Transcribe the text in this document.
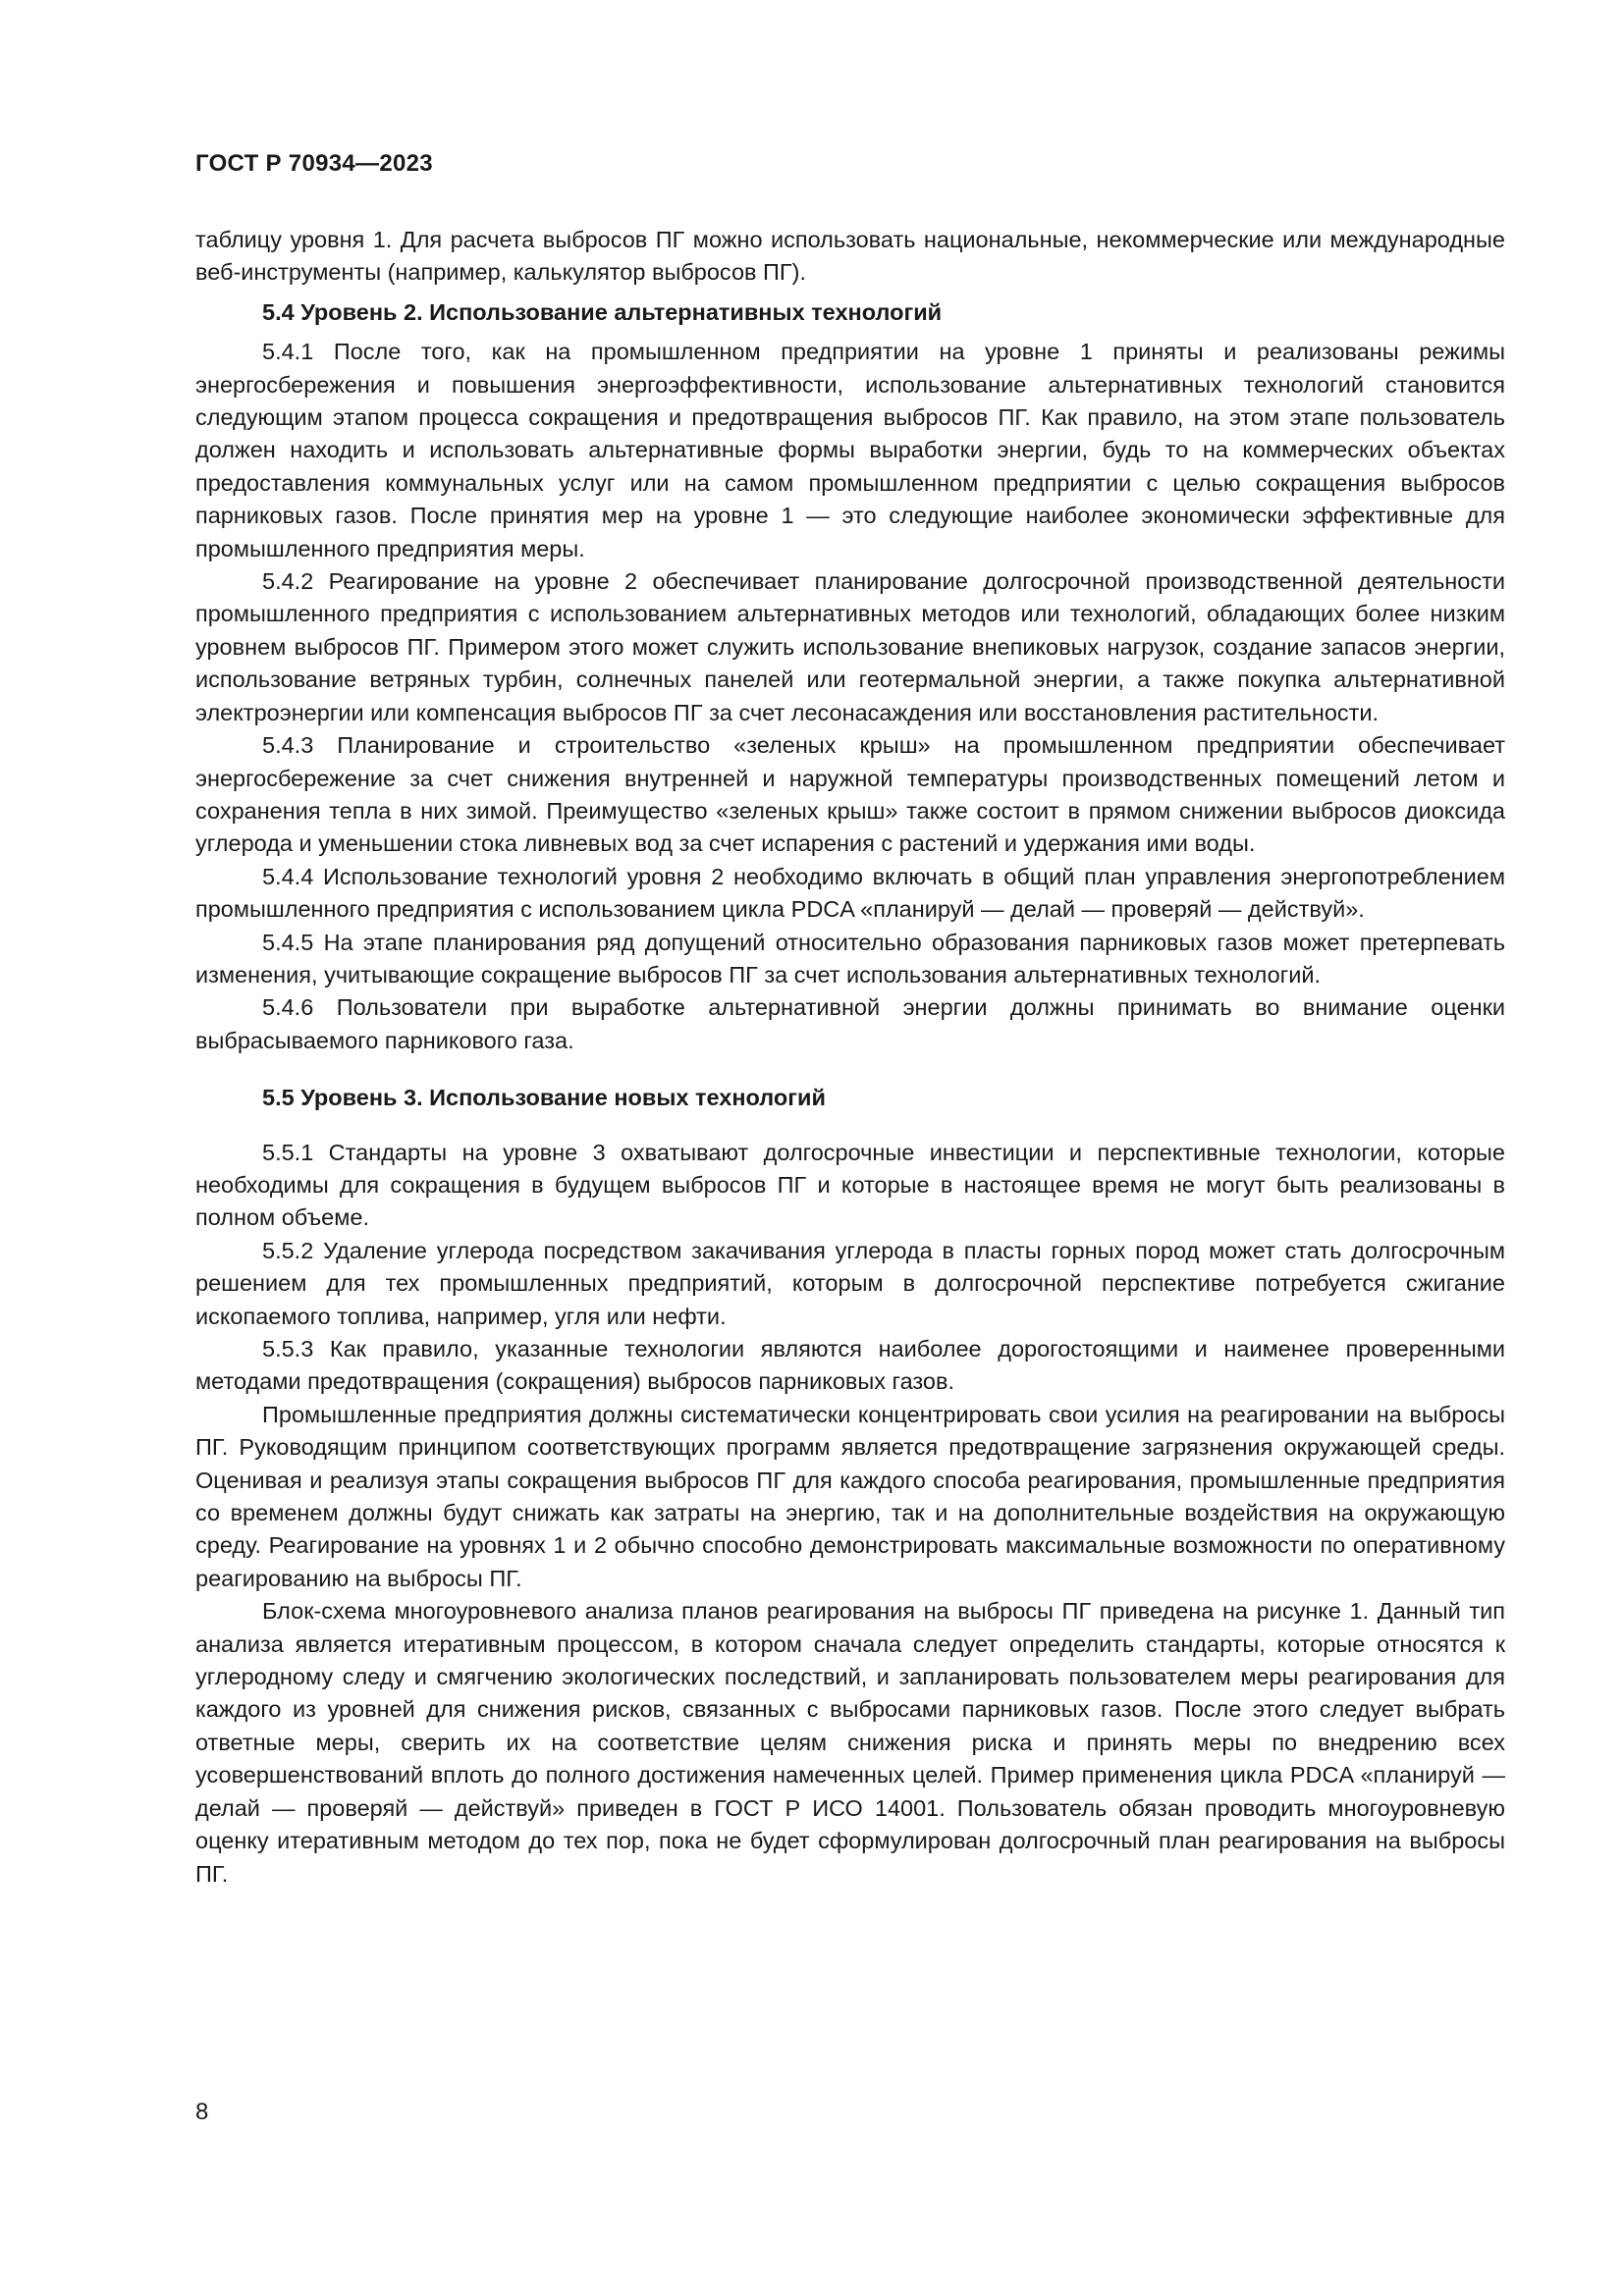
ГОСТ Р 70934—2023

таблицу уровня 1. Для расчета выбросов ПГ можно использовать национальные, некоммерческие или международные веб-инструменты (например, калькулятор выбросов ПГ).

5.4 Уровень 2. Использование альтернативных технологий

5.4.1 После того, как на промышленном предприятии на уровне 1 приняты и реализованы режимы энергосбережения и повышения энергоэффективности, использование альтернативных технологий становится следующим этапом процесса сокращения и предотвращения выбросов ПГ. Как правило, на этом этапе пользователь должен находить и использовать альтернативные формы выработки энергии, будь то на коммерческих объектах предоставления коммунальных услуг или на самом промышленном предприятии с целью сокращения выбросов парниковых газов. После принятия мер на уровне 1 — это следующие наиболее экономически эффективные для промышленного предприятия меры.

5.4.2 Реагирование на уровне 2 обеспечивает планирование долгосрочной производственной деятельности промышленного предприятия с использованием альтернативных методов или технологий, обладающих более низким уровнем выбросов ПГ. Примером этого может служить использование внепиковых нагрузок, создание запасов энергии, использование ветряных турбин, солнечных панелей или геотермальной энергии, а также покупка альтернативной электроэнергии или компенсация выбросов ПГ за счет лесонасаждения или восстановления растительности.

5.4.3 Планирование и строительство «зеленых крыш» на промышленном предприятии обеспечивает энергосбережение за счет снижения внутренней и наружной температуры производственных помещений летом и сохранения тепла в них зимой. Преимущество «зеленых крыш» также состоит в прямом снижении выбросов диоксида углерода и уменьшении стока ливневых вод за счет испарения с растений и удержания ими воды.

5.4.4 Использование технологий уровня 2 необходимо включать в общий план управления энергопотреблением промышленного предприятия с использованием цикла PDCA «планируй — делай — проверяй — действуй».

5.4.5 На этапе планирования ряд допущений относительно образования парниковых газов может претерпевать изменения, учитывающие сокращение выбросов ПГ за счет использования альтернативных технологий.

5.4.6 Пользователи при выработке альтернативной энергии должны принимать во внимание оценки выбрасываемого парникового газа.

5.5 Уровень 3. Использование новых технологий

5.5.1 Стандарты на уровне 3 охватывают долгосрочные инвестиции и перспективные технологии, которые необходимы для сокращения в будущем выбросов ПГ и которые в настоящее время не могут быть реализованы в полном объеме.

5.5.2 Удаление углерода посредством закачивания углерода в пласты горных пород может стать долгосрочным решением для тех промышленных предприятий, которым в долгосрочной перспективе потребуется сжигание ископаемого топлива, например, угля или нефти.

5.5.3 Как правило, указанные технологии являются наиболее дорогостоящими и наименее проверенными методами предотвращения (сокращения) выбросов парниковых газов.

Промышленные предприятия должны систематически концентрировать свои усилия на реагировании на выбросы ПГ. Руководящим принципом соответствующих программ является предотвращение загрязнения окружающей среды. Оценивая и реализуя этапы сокращения выбросов ПГ для каждого способа реагирования, промышленные предприятия со временем должны будут снижать как затраты на энергию, так и на дополнительные воздействия на окружающую среду. Реагирование на уровнях 1 и 2 обычно способно демонстрировать максимальные возможности по оперативному реагированию на выбросы ПГ.

Блок-схема многоуровневого анализа планов реагирования на выбросы ПГ приведена на рисунке 1. Данный тип анализа является итеративным процессом, в котором сначала следует определить стандарты, которые относятся к углеродному следу и смягчению экологических последствий, и запланировать пользователем меры реагирования для каждого из уровней для снижения рисков, связанных с выбросами парниковых газов. После этого следует выбрать ответные меры, сверить их на соответствие целям снижения риска и принять меры по внедрению всех усовершенствований вплоть до полного достижения намеченных целей. Пример применения цикла PDCA «планируй — делай — проверяй — действуй» приведен в ГОСТ Р ИСО 14001. Пользователь обязан проводить многоуровневую оценку итеративным методом до тех пор, пока не будет сформулирован долгосрочный план реагирования на выбросы ПГ.

8
